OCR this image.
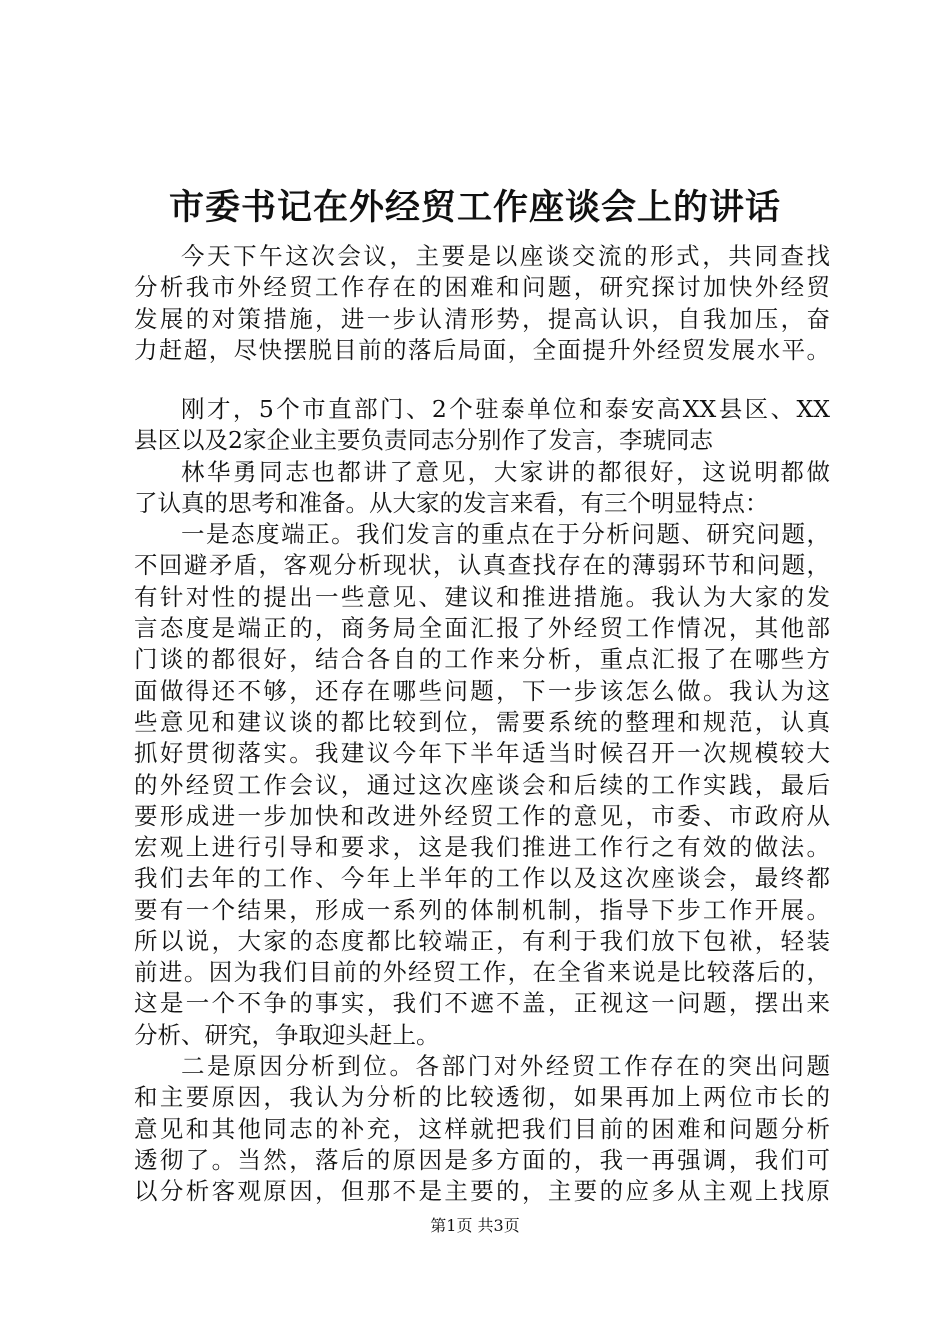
市委书记在外经贸工作座谈会上的讲话
今天下午这次会议，主要是以座谈交流的形式，共同查找
分析我市外经贸工作存在的困难和问题，研究探讨加快外经贸
发展的对策措施，进一步认清形势，提高认识，自我加压，奋
力赶超，尽快摆脱目前的落后局面，全面提升外经贸发展水平。
刚才，5个市直部门、2个驻泰单位和泰安高XX县区、XX
县区以及2家企业主要负责同志分别作了发言，李琥同志
林华勇同志也都讲了意见，大家讲的都很好，这说明都做
了认真的思考和准备。从大家的发言来看，有三个明显特点：
一是态度端正。我们发言的重点在于分析问题、研究问题，
不回避矛盾，客观分析现状，认真查找存在的薄弱环节和问题，
有针对性的提出一些意见、建议和推进措施。我认为大家的发
言态度是端正的，商务局全面汇报了外经贸工作情况，其他部
门谈的都很好，结合各自的工作来分析，重点汇报了在哪些方
面做得还不够，还存在哪些问题，下一步该怎么做。我认为这
些意见和建议谈的都比较到位，需要系统的整理和规范，认真
抓好贯彻落实。我建议今年下半年适当时候召开一次规模较大
的外经贸工作会议，通过这次座谈会和后续的工作实践，最后
要形成进一步加快和改进外经贸工作的意见，市委、市政府从
宏观上进行引导和要求，这是我们推进工作行之有效的做法。
我们去年的工作、今年上半年的工作以及这次座谈会，最终都
要有一个结果，形成一系列的体制机制，指导下步工作开展。
所以说，大家的态度都比较端正，有利于我们放下包袱，轻装
前进。因为我们目前的外经贸工作，在全省来说是比较落后的，
这是一个不争的事实，我们不遮不盖，正视这一问题，摆出来
分析、研究，争取迎头赶上。
二是原因分析到位。各部门对外经贸工作存在的突出问题
和主要原因，我认为分析的比较透彻，如果再加上两位市长的
意见和其他同志的补充，这样就把我们目前的困难和问题分析
透彻了。当然，落后的原因是多方面的，我一再强调，我们可
以分析客观原因，但那不是主要的，主要的应多从主观上找原
第1页 共3页
